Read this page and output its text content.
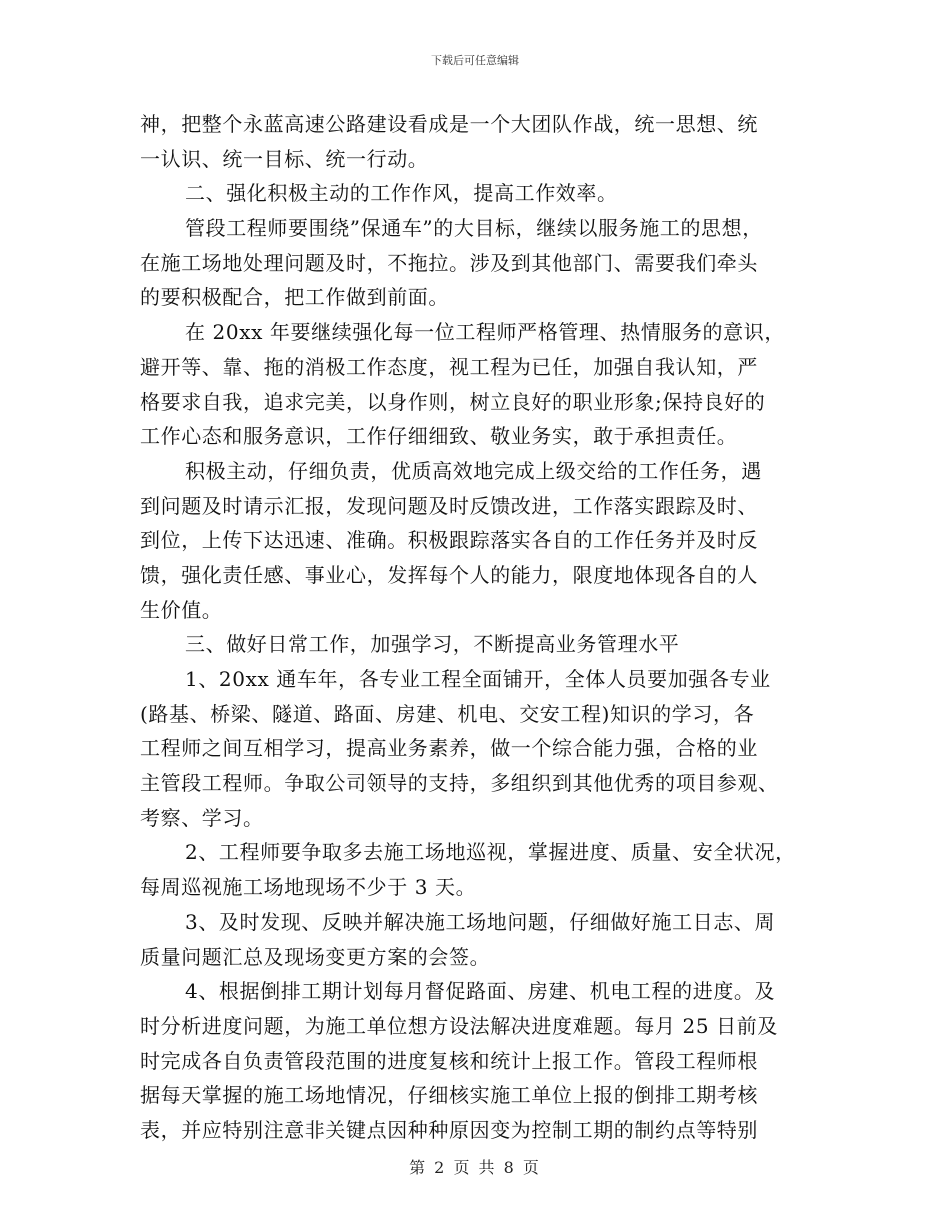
下载后可任意编辑
神，把整个永蓝高速公路建设看成是一个大团队作战，统一思想、统
一认识、统一目标、统一行动。
二、强化积极主动的工作作风，提高工作效率。
管段工程师要围绕”保通车”的大目标，继续以服务施工的思想，
在施工场地处理问题及时，不拖拉。涉及到其他部门、需要我们牵头
的要积极配合，把工作做到前面。
在 20xx 年要继续强化每一位工程师严格管理、热情服务的意识，
避开等、靠、拖的消极工作态度，视工程为已任，加强自我认知，严
格要求自我，追求完美，以身作则，树立良好的职业形象;保持良好的
工作心态和服务意识，工作仔细细致、敬业务实，敢于承担责任。
积极主动，仔细负责，优质高效地完成上级交给的工作任务，遇
到问题及时请示汇报，发现问题及时反馈改进，工作落实跟踪及时、
到位，上传下达迅速、准确。积极跟踪落实各自的工作任务并及时反
馈，强化责任感、事业心，发挥每个人的能力，限度地体现各自的人
生价值。
三、做好日常工作，加强学习，不断提高业务管理水平
1、20xx 通车年，各专业工程全面铺开，全体人员要加强各专业
(路基、桥梁、隧道、路面、房建、机电、交安工程)知识的学习，各
工程师之间互相学习，提高业务素养，做一个综合能力强，合格的业
主管段工程师。争取公司领导的支持，多组织到其他优秀的项目参观、
考察、学习。
2、工程师要争取多去施工场地巡视，掌握进度、质量、安全状况，
每周巡视施工场地现场不少于 3 天。
3、及时发现、反映并解决施工场地问题，仔细做好施工日志、周
质量问题汇总及现场变更方案的会签。
4、根据倒排工期计划每月督促路面、房建、机电工程的进度。及
时分析进度问题，为施工单位想方设法解决进度难题。每月 25 日前及
时完成各自负责管段范围的进度复核和统计上报工作。管段工程师根
据每天掌握的施工场地情况，仔细核实施工单位上报的倒排工期考核
表，并应特别注意非关键点因种种原因变为控制工期的制约点等特别
第 2 页 共 8 页
